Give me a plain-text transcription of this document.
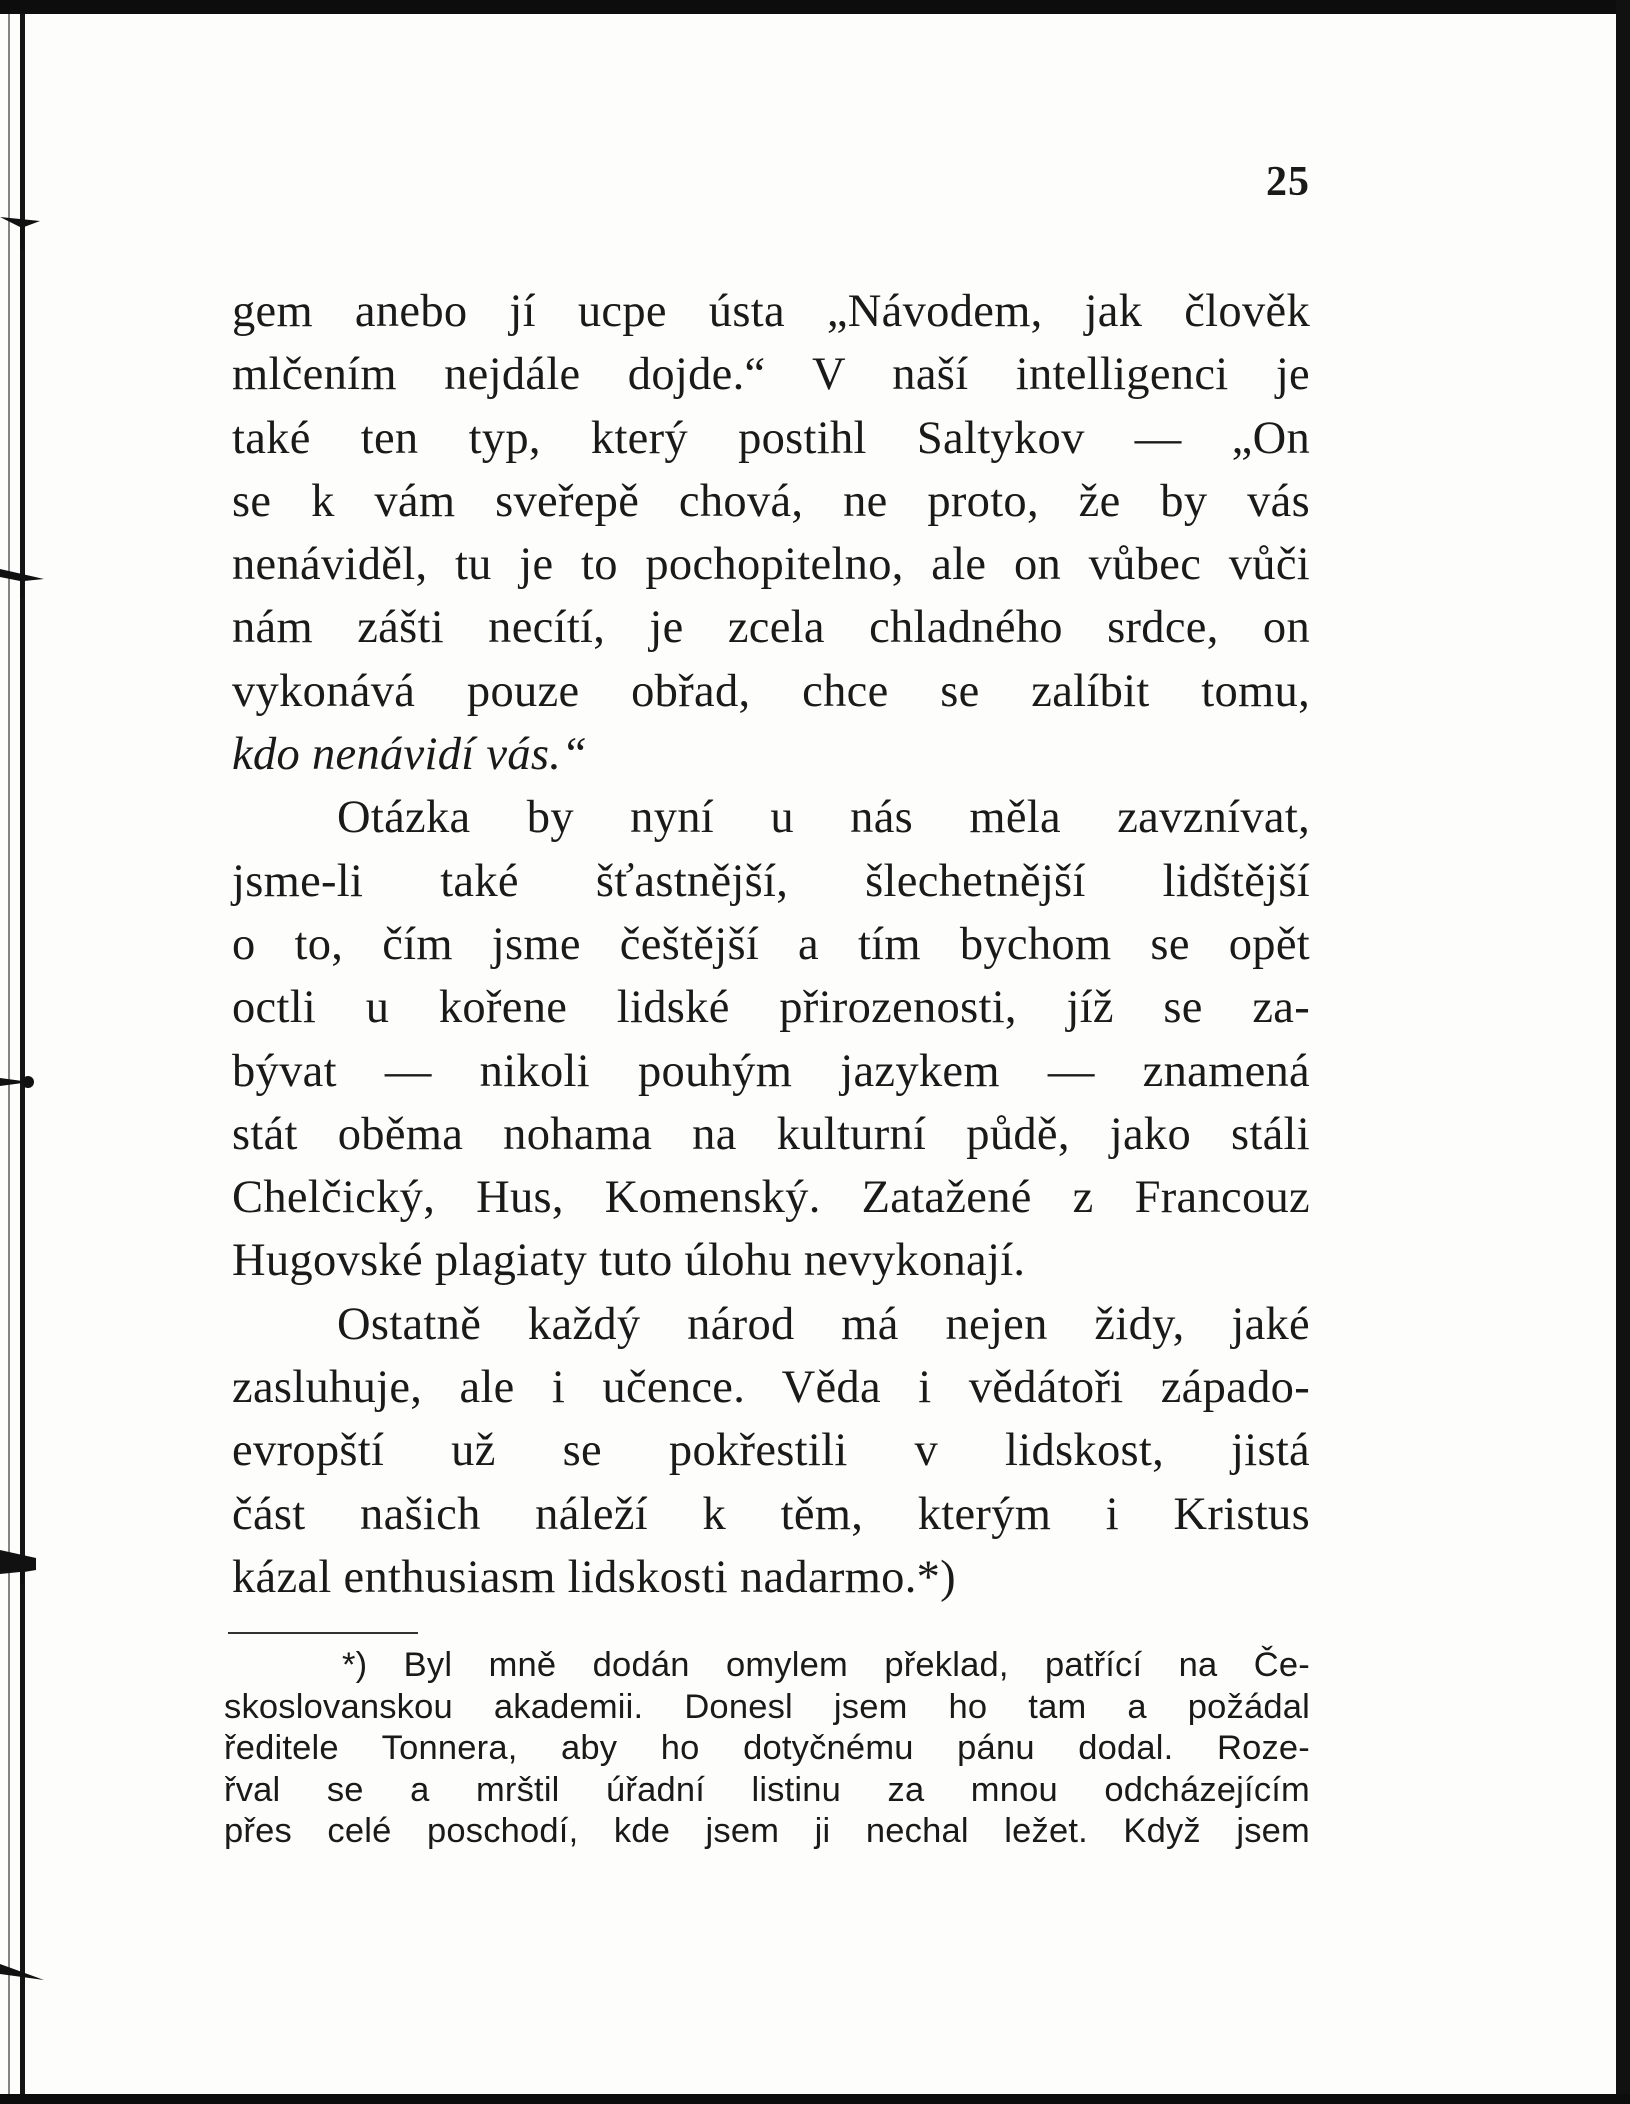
25
gem anebo jí ucpe ústa „Návodem, jak člověk
mlčením nejdále dojde.“ V naší intelligenci je
také ten typ, který postihl Saltykov — „On
se k vám sveřepě chová, ne proto, že by vás
nenáviděl, tu je to pochopitelno, ale on vůbec vůči
nám zášti necítí, je zcela chladného srdce, on
vykonává pouze obřad, chce se zalíbit tomu,
kdo nenávidí vás.“
Otázka by nyní u nás měla zavznívat,
jsme-li také šťastnější, šlechetnější lidštější
o to, čím jsme češtější a tím bychom se opět
octli u kořene lidské přirozenosti, jíž se za-
bývat — nikoli pouhým jazykem — znamená
stát oběma nohama na kulturní půdě, jako stáli
Chelčický, Hus, Komenský. Zatažené z Francouz
Hugovské plagiaty tuto úlohu nevykonají.
Ostatně každý národ má nejen židy, jaké
zasluhuje, ale i učence. Věda i vědátoři západo-
evropští už se pokřestili v lidskost, jistá
část našich náleží k těm, kterým i Kristus
kázal enthusiasm lidskosti nadarmo.*)
*) Byl mně dodán omylem překlad, patřící na Če-
skoslovanskou akademii. Donesl jsem ho tam a požádal
ředitele Tonnera, aby ho dotyčnému pánu dodal. Roze-
řval se a mrštil úřadní listinu za mnou odcházejícím
přes celé poschodí, kde jsem ji nechal ležet. Když jsem
